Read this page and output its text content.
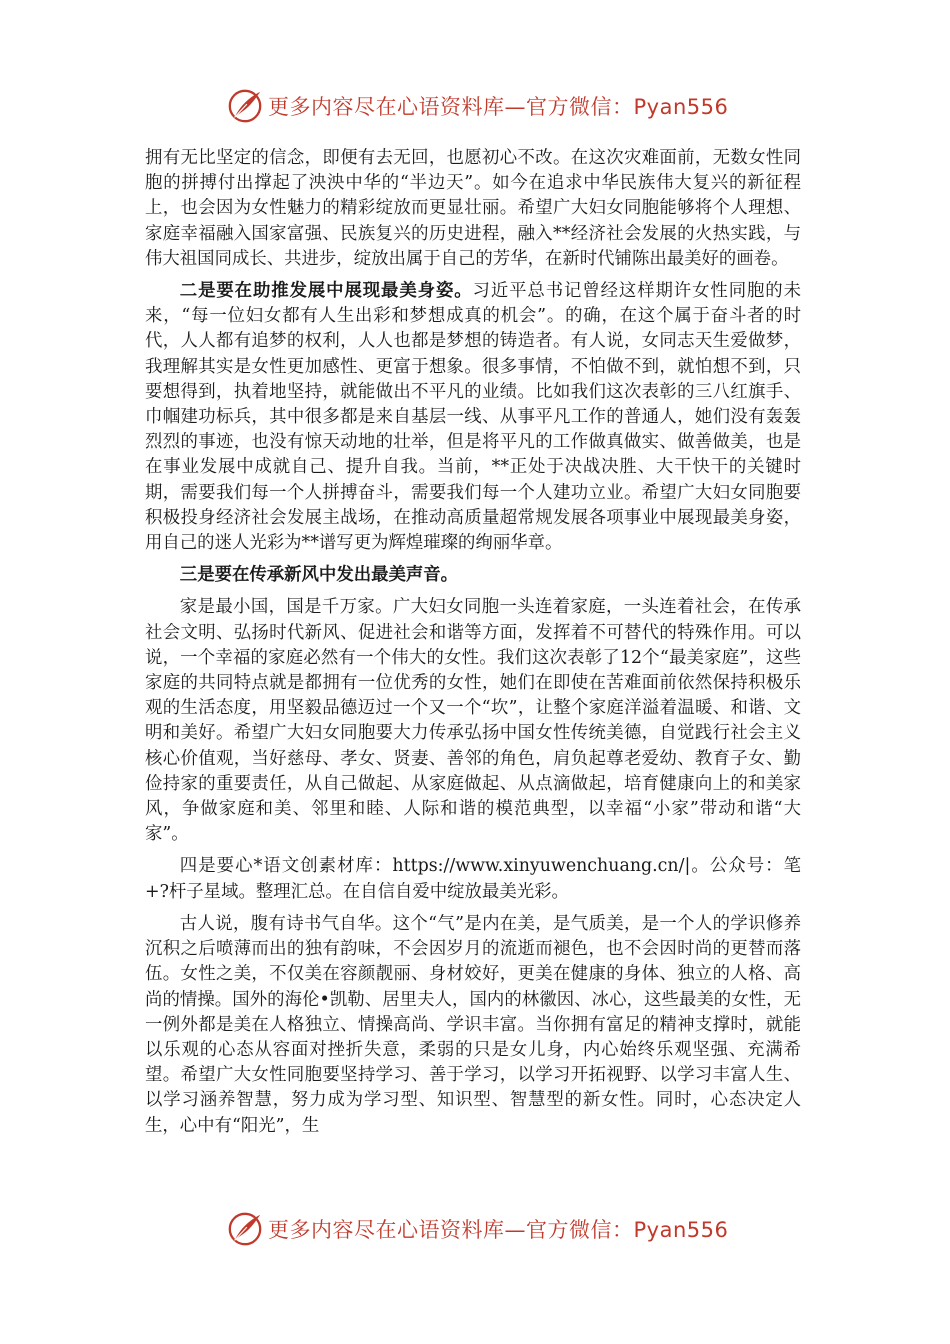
更多内容尽在心语资料库—官方微信：Pyan556

拥有无比坚定的信念，即便有去无回，也愿初心不改。在这次灾难面前，无数女性同胞的拼搏付出撑起了泱泱中华的“半边天”。如今在追求中华民族伟大复兴的新征程上，也会因为女性魅力的精彩绽放而更显壮丽。希望广大妇女同胞能够将个人理想、家庭幸福融入国家富强、民族复兴的历史进程，融入**经济社会发展的火热实践，与伟大祖国同成长、共进步，绽放出属于自己的芳华，在新时代铺陈出最美好的画卷。

二是要在助推发展中展现最美身姿。习近平总书记曾经这样期许女性同胞的未来，“每一位妇女都有人生出彩和梦想成真的机会”。的确，在这个属于奋斗者的时代，人人都有追梦的权利，人人也都是梦想的铸造者。有人说，女同志天生爱做梦，我理解其实是女性更加感性、更富于想象。很多事情，不怕做不到，就怕想不到，只要想得到，执着地坚持，就能做出不平凡的业绩。比如我们这次表彰的三八红旗手、巾帼建功标兵，其中很多都是来自基层一线、从事平凡工作的普通人，她们没有轰轰烈烈的事迹，也没有惊天动地的壮举，但是将平凡的工作做真做实、做善做美，也是在事业发展中成就自己、提升自我。当前，**正处于决战决胜、大干快干的关键时期，需要我们每一个人拼搏奋斗，需要我们每一个人建功立业。希望广大妇女同胞要积极投身经济社会发展主战场，在推动高质量超常规发展各项事业中展现最美身姿，用自己的迷人光彩为**谱写更为辉煌璀璨的绚丽华章。

三是要在传承新风中发出最美声音。

家是最小国，国是千万家。广大妇女同胞一头连着家庭，一头连着社会，在传承社会文明、弘扬时代新风、促进社会和谐等方面，发挥着不可替代的特殊作用。可以说，一个幸福的家庭必然有一个伟大的女性。我们这次表彰了12个“最美家庭”，这些家庭的共同特点就是都拥有一位优秀的女性，她们在即使在苦难面前依然保持积极乐观的生活态度，用坚毅品德迈过一个又一个“坎”，让整个家庭洋溢着温暖、和谐、文明和美好。希望广大妇女同胞要大力传承弘扬中国女性传统美德，自觉践行社会主义核心价值观，当好慈母、孝女、贤妻、善邻的角色，肩负起尊老爱幼、教育子女、勤俭持家的重要责任，从自己做起、从家庭做起、从点滴做起，培育健康向上的和美家风，争做家庭和美、邻里和睦、人际和谐的模范典型，以幸福“小家”带动和谐“大家”。

四是要心*语文创素材库：https://www.xinyuwenchuang.cn/|。公众号：笔+?杆子星域。整理汇总。在自信自爱中绽放最美光彩。

古人说，腹有诗书气自华。这个“气”是内在美，是气质美，是一个人的学识修养沉积之后喷薄而出的独有韵味，不会因岁月的流逝而褪色，也不会因时尚的更替而落伍。女性之美，不仅美在容颜靓丽、身材姣好，更美在健康的身体、独立的人格、高尚的情操。国外的海伦•凯勒、居里夫人，国内的林徽因、冰心，这些最美的女性，无一例外都是美在人格独立、情操高尚、学识丰富。当你拥有富足的精神支撑时，就能以乐观的心态从容面对挫折失意，柔弱的只是女儿身，内心始终乐观坚强、充满希望。希望广大女性同胞要坚持学习、善于学习，以学习开拓视野、以学习丰富人生、以学习涵养智慧，努力成为学习型、知识型、智慧型的新女性。同时，心态决定人生，心中有“阳光”，生

更多内容尽在心语资料库—官方微信：Pyan556
